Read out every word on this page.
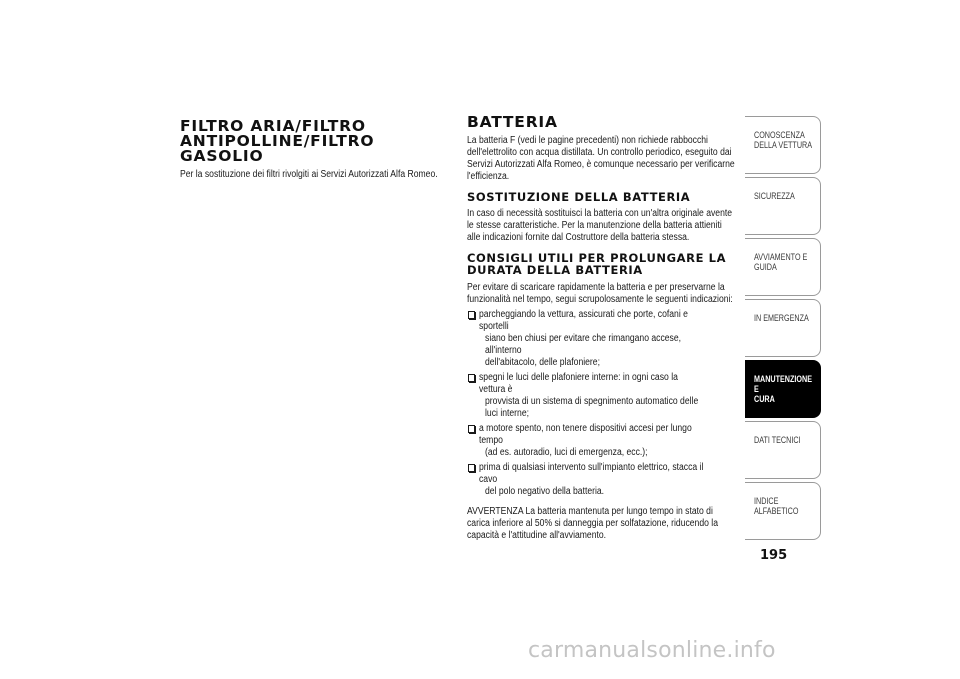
FILTRO ARIA/FILTRO
ANTIPOLLINE/FILTRO GASOLIO
Per la sostituzione dei filtri rivolgiti ai Servizi Autorizzati Alfa Romeo.
BATTERIA
La batteria F (vedi le pagine precedenti) non richiede rabbocchi
dell'elettrolito con acqua distillata. Un controllo periodico, eseguito dai
Servizi Autorizzati Alfa Romeo, è comunque necessario per verificarne
l'efficienza.
SOSTITUZIONE DELLA BATTERIA
In caso di necessità sostituisci la batteria con un'altra originale avente
le stesse caratteristiche. Per la manutenzione della batteria attieniti
alle indicazioni fornite dal Costruttore della batteria stessa.
CONSIGLI UTILI PER PROLUNGARE LA
DURATA DELLA BATTERIA
Per evitare di scaricare rapidamente la batteria e per preservarne la
funzionalità nel tempo, segui scrupolosamente le seguenti indicazioni:
parcheggiando la vettura, assicurati che porte, cofani e sportelli
siano ben chiusi per evitare che rimangano accese, all'interno
dell'abitacolo, delle plafoniere;
spegni le luci delle plafoniere interne: in ogni caso la vettura è
provvista di un sistema di spegnimento automatico delle luci interne;
a motore spento, non tenere dispositivi accesi per lungo tempo
(ad es. autoradio, luci di emergenza, ecc.);
prima di qualsiasi intervento sull'impianto elettrico, stacca il cavo
del polo negativo della batteria.
AVVERTENZA La batteria mantenuta per lungo tempo in stato di
carica inferiore al 50% si danneggia per solfatazione, riducendo la
capacità e l'attitudine all'avviamento.
CONOSCENZA
DELLA VETTURA
SICUREZZA
AVVIAMENTO E
GUIDA
IN EMERGENZA
MANUTENZIONE E
CURA
DATI TECNICI
INDICE ALFABETICO
195
carmanualsonline.info
